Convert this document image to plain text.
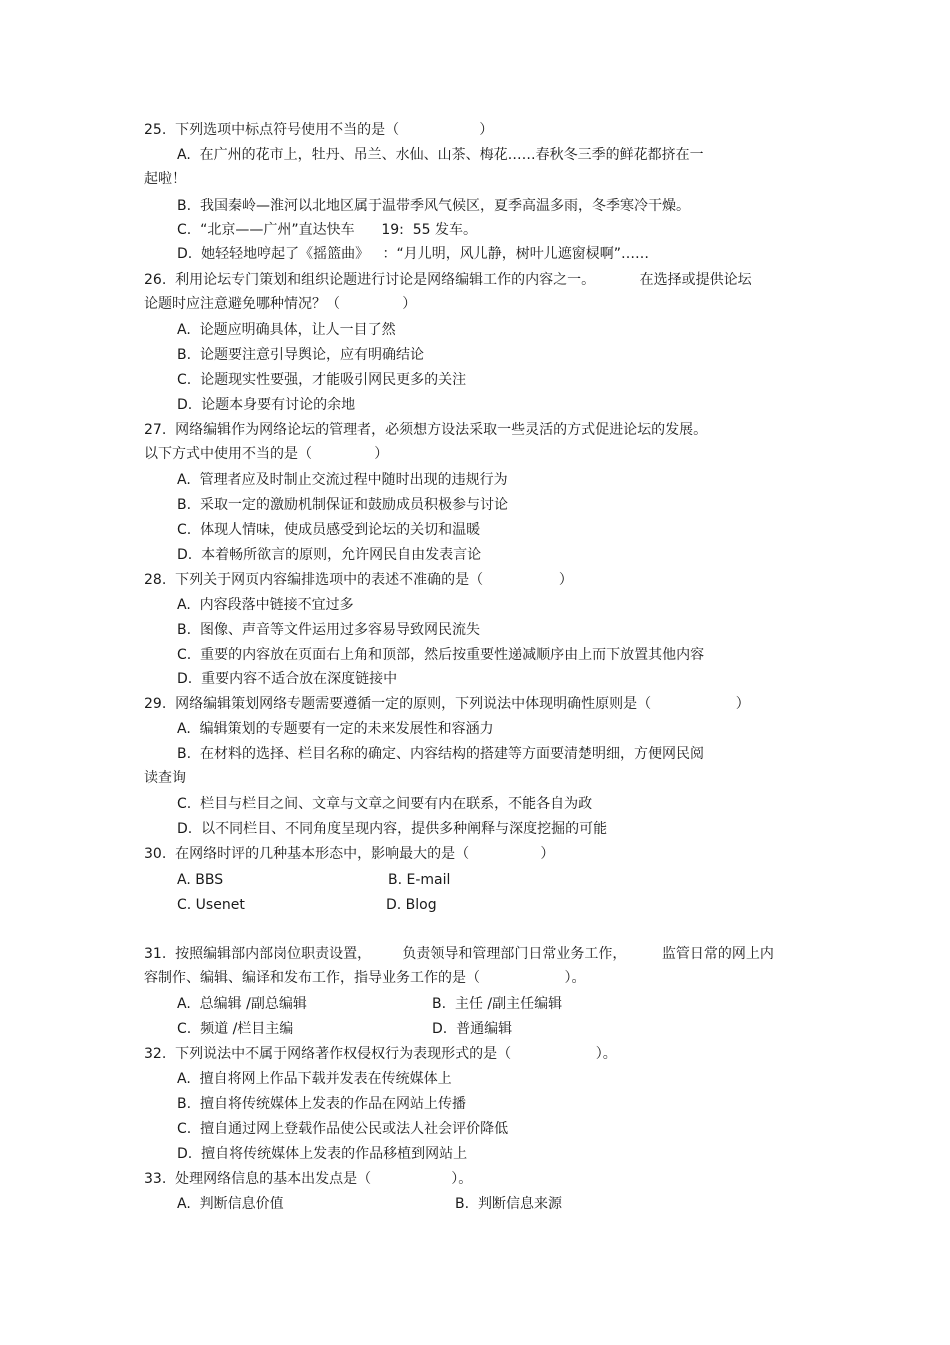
25.  下列选项中标点符号使用不当的是（                  ）

A.  在广州的花市上，牡丹、吊兰、水仙、山茶、梅花……春秋冬三季的鲜花都挤在一

起啦！

B.  我国秦岭—淮河以北地区属于温带季风气候区，夏季高温多雨，冬季寒冷干燥。

C.  “北京——广州”直达快车      19:  55 发车。

D.  她轻轻地哼起了《摇篮曲》   ：“月儿明，风儿静，树叶儿遮窗棂啊”……

26.  利用论坛专门策划和组织论题进行讨论是网络编辑工作的内容之一。          在选择或提供论坛

论题时应注意避免哪种情况？（              ）

A.  论题应明确具体，让人一目了然

B.  论题要注意引导舆论，应有明确结论

C.  论题现实性要强，才能吸引网民更多的关注

D.  论题本身要有讨论的余地

27.  网络编辑作为网络论坛的管理者，必须想方设法采取一些灵活的方式促进论坛的发展。

以下方式中使用不当的是（              ）

A.  管理者应及时制止交流过程中随时出现的违规行为

B.  采取一定的激励机制保证和鼓励成员积极参与讨论

C.  体现人情味，使成员感受到论坛的关切和温暖

D.  本着畅所欲言的原则，允许网民自由发表言论

28.  下列关于网页内容编排选项中的表述不准确的是（                 ）

A.  内容段落中链接不宜过多

B.  图像、声音等文件运用过多容易导致网民流失

C.  重要的内容放在页面右上角和顶部，然后按重要性递减顺序由上而下放置其他内容

D.  重要内容不适合放在深度链接中

29.  网络编辑策划网络专题需要遵循一定的原则，下列说法中体现明确性原则是（                   ）

A.  编辑策划的专题要有一定的未来发展性和容涵力

B.  在材料的选择、栏目名称的确定、内容结构的搭建等方面要清楚明细，方便网民阅

读查询

C.  栏目与栏目之间、文章与文章之间要有内在联系，不能各自为政

D.  以不同栏目、不同角度呈现内容，提供多种阐释与深度挖掘的可能

30.  在网络时评的几种基本形态中，影响最大的是（                ）

A. BBS	B. E-mail

C. Usenet	D. Blog

31.  按照编辑部内部岗位职责设置，       负责领导和管理部门日常业务工作，        监管日常的网上内

容制作、编辑、编译和发布工作，指导业务工作的是（                   ）。

A.  总编辑 /副总编辑	B.  主任 /副主任编辑

C.  频道 /栏目主编	D.  普通编辑

32.  下列说法中不属于网络著作权侵权行为表现形式的是（                   ）。

A.  擅自将网上作品下载并发表在传统媒体上

B.  擅自将传统媒体上发表的作品在网站上传播

C.  擅自通过网上登载作品使公民或法人社会评价降低

D.  擅自将传统媒体上发表的作品移植到网站上

33.  处理网络信息的基本出发点是（                  ）。

A.  判断信息价值	B.  判断信息来源
